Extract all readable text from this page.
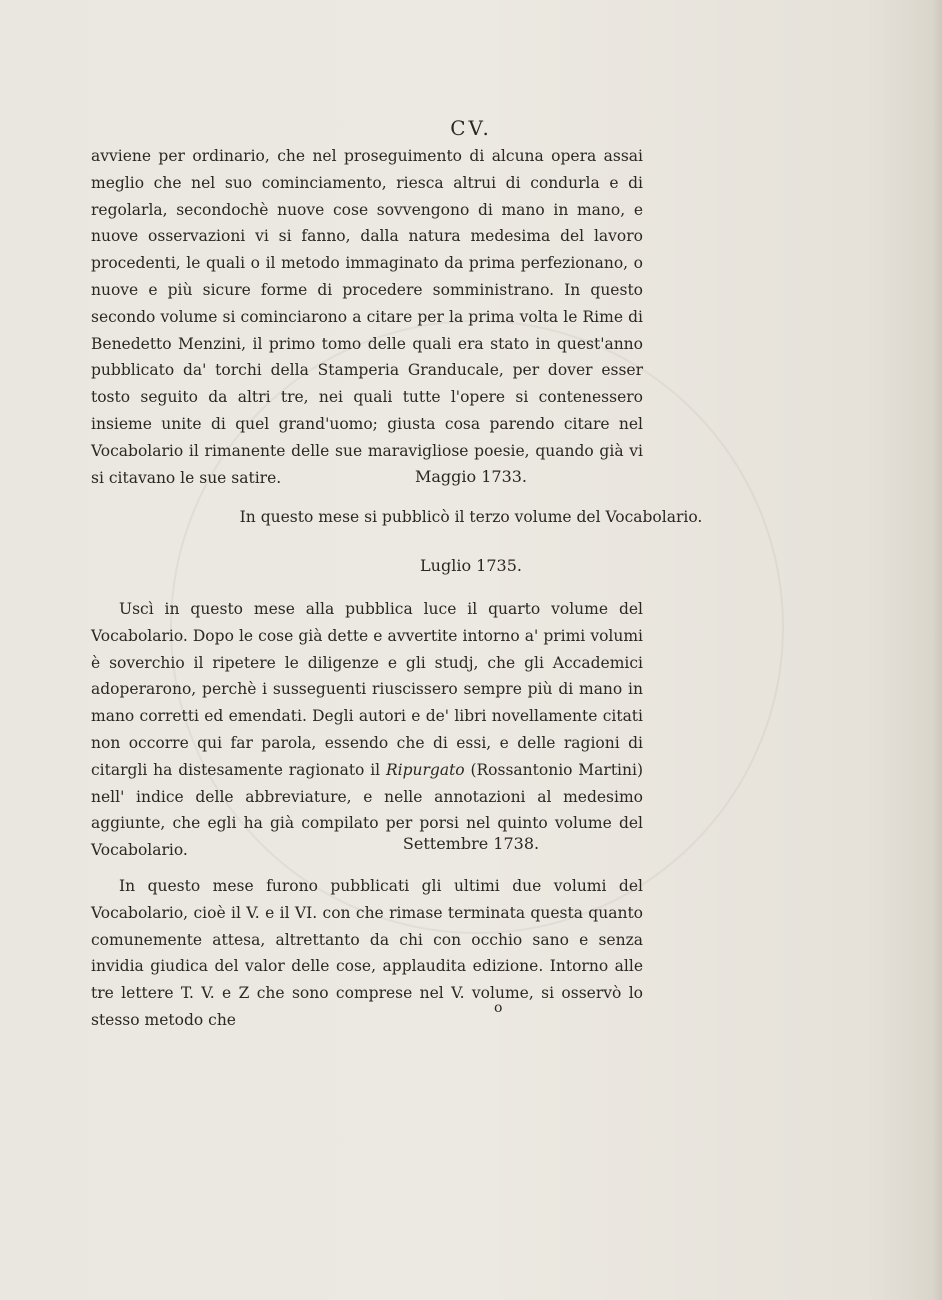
CV.

avviene per ordinario, che nel proseguimento di alcuna opera assai meglio che nel suo cominciamento, riesca altrui di condurla e di regolarla, secondochè nuove cose sovvengono di mano in mano, e nuove osservazioni vi si fanno, dalla natura medesima del lavoro procedenti, le quali o il metodo immaginato da prima perfezionano, o nuove e più sicure forme di procedere somministrano. In questo secondo volume si cominciarono a citare per la prima volta le Rime di Benedetto Menzini, il primo tomo delle quali era stato in quest'anno pubblicato da' torchi della Stamperia Granducale, per dover esser tosto seguito da altri tre, nei quali tutte l'opere si contenessero insieme unite di quel grand'uomo; giusta cosa parendo citare nel Vocabolario il rimanente delle sue maravigliose poesie, quando già vi si citavano le sue satire.	Maggio 1733.
In questo mese si pubblicò il terzo volume del Vocabolario.
Luglio 1735.

Uscì in questo mese alla pubblica luce il quarto volume del Vocabolario. Dopo le cose già dette e avvertite intorno a' primi volumi è soverchio il ripetere le diligenze e gli studj, che gli Accademici adoperarono, perchè i susseguenti riuscissero sempre più di mano in mano corretti ed emendati. Degli autori e de' libri novellamente citati non occorre qui far parola, essendo che di essi, e delle ragioni di citargli ha distesamente ragionato il Ripurgato (Rossantonio Martini) nell' indice delle abbreviature, e nelle annotazioni al medesimo aggiunte, che egli ha già compilato per porsi nel quinto volume del Vocabolario.	Settembre 1738.

In questo mese furono pubblicati gli ultimi due volumi del Vocabolario, cioè il V. e il VI. con che rimase terminata questa quanto comunemente attesa, altrettanto da chi con occhio sano e senza invidia giudica del valor delle cose, applaudita edizione. Intorno alle tre lettere T. V. e Z che sono comprese nel V. volume, si osservò lo stesso metodo che

o
